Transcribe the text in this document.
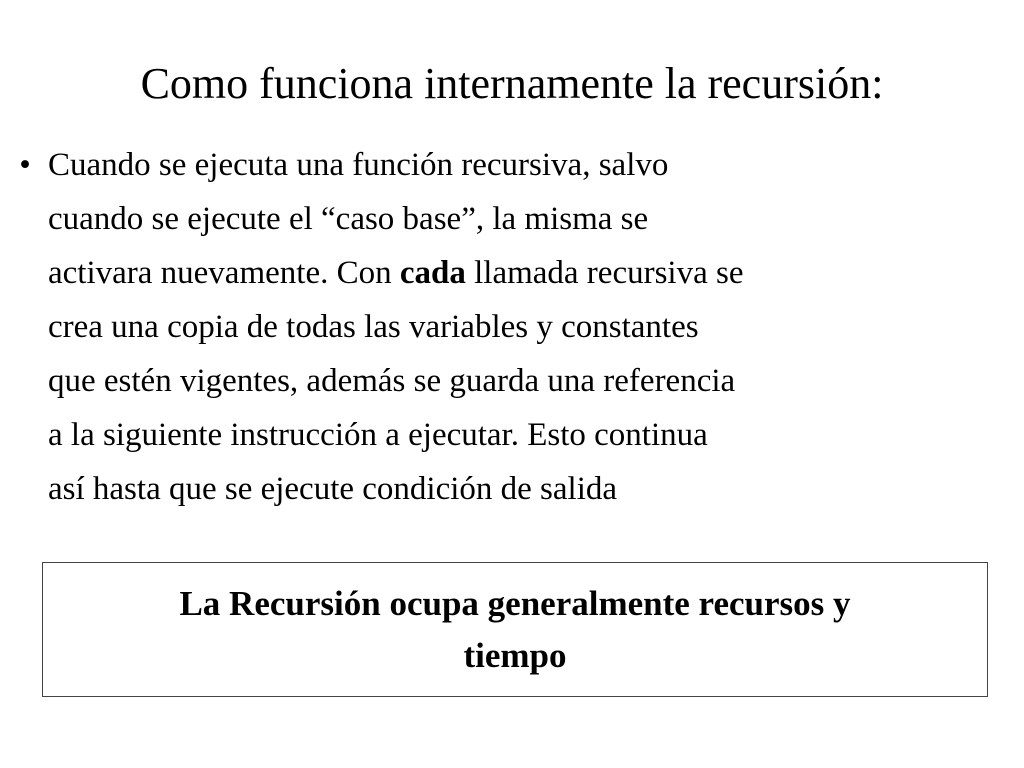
Como funciona internamente la recursión:
• Cuando se ejecuta una función recursiva, salvo
cuando se ejecute el “caso base”, la misma se
activara nuevamente. Con cada llamada recursiva se
crea una copia de todas las variables y constantes
que estén vigentes, además se guarda una referencia
a la siguiente instrucción a ejecutar. Esto continua
así hasta que se ejecute condición de salida

La Recursión ocupa generalmente recursos y
tiempo
